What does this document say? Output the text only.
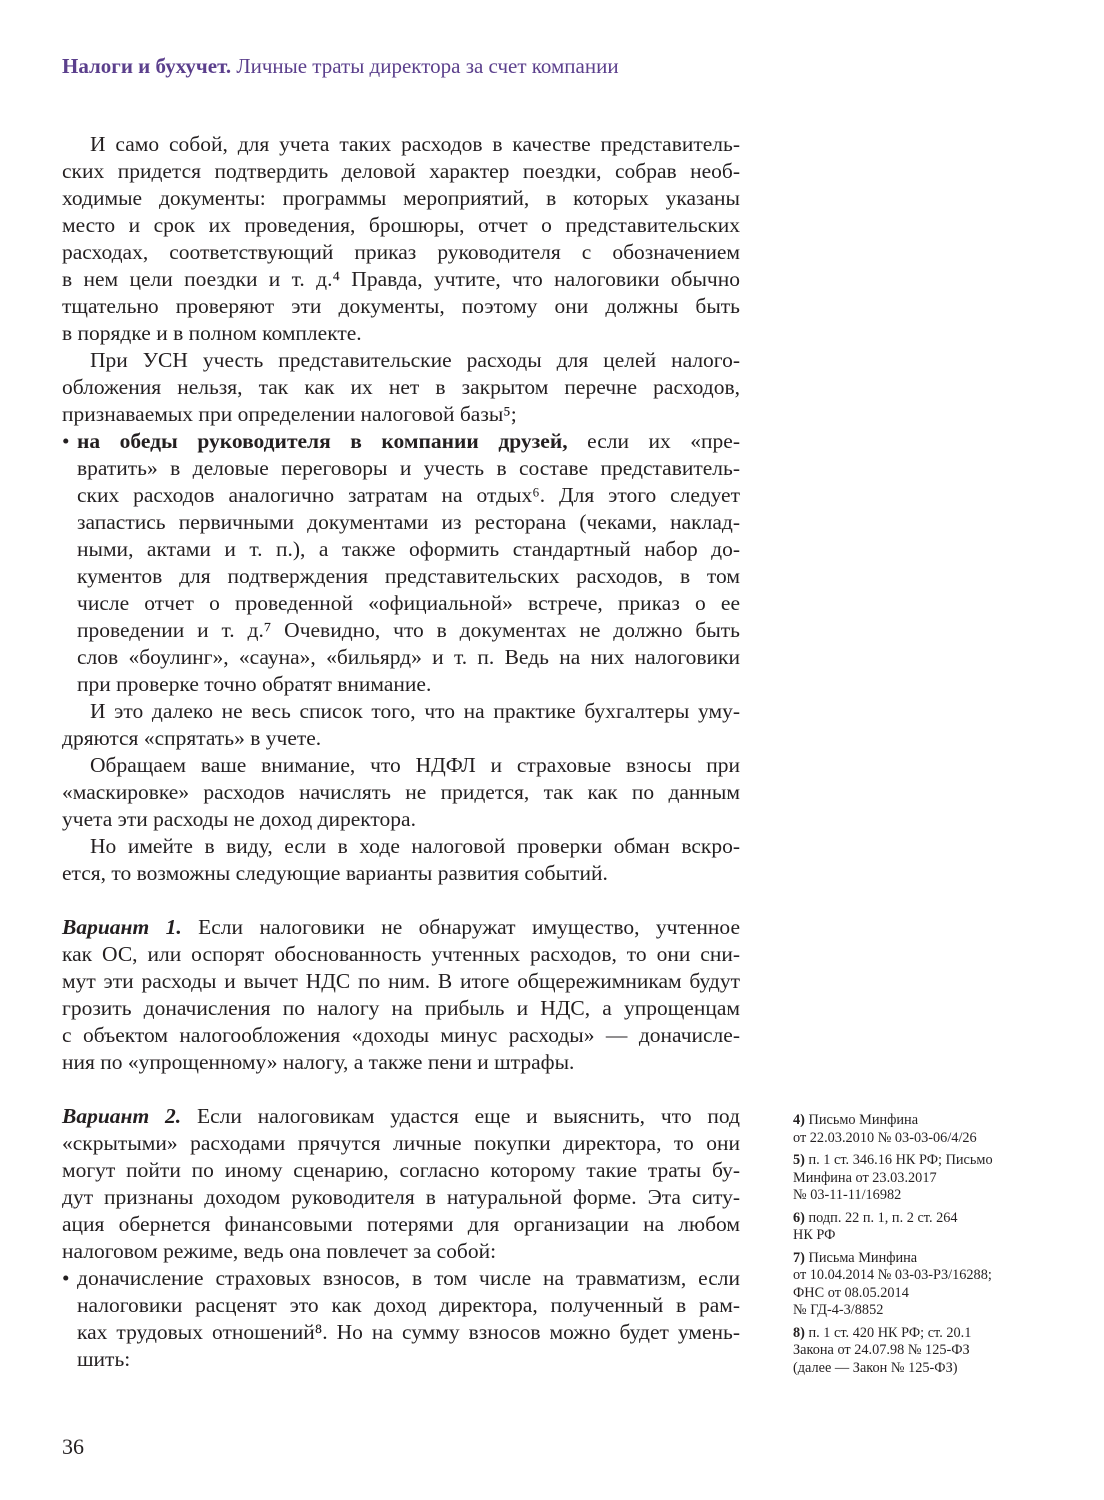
Налоги и бухучет. Личные траты директора за счет компании
И само собой, для учета таких расходов в качестве представитель-
ских придется подтвердить деловой характер поездки, собрав необ-
ходимые документы: программы мероприятий, в которых указаны
место и срок их проведения, брошюры, отчет о представительских
расходах, соответствующий приказ руководителя с обозначением
в нем цели поездки и т. д.⁴ Правда, учтите, что налоговики обычно
тщательно проверяют эти документы, поэтому они должны быть
в порядке и в полном комплекте.
При УСН учесть представительские расходы для целей налого-
обложения нельзя, так как их нет в закрытом перечне расходов,
признаваемых при определении налоговой базы⁵;
• на обеды руководителя в компании друзей, если их «пре-
вратить» в деловые переговоры и учесть в составе представитель-
ских расходов аналогично затратам на отдых⁶. Для этого следует
запастись первичными документами из ресторана (чеками, наклад-
ными, актами и т. п.), а также оформить стандартный набор до-
кументов для подтверждения представительских расходов, в том
числе отчет о проведенной «официальной» встрече, приказ о ее
проведении и т. д.⁷ Очевидно, что в документах не должно быть
слов «боулинг», «сауна», «бильярд» и т. п. Ведь на них налоговики
при проверке точно обратят внимание.
И это далеко не весь список того, что на практике бухгалтеры уму-
дряются «спрятать» в учете.
Обращаем ваше внимание, что НДФЛ и страховые взносы при
«маскировке» расходов начислять не придется, так как по данным
учета эти расходы не доход директора.
Но имейте в виду, если в ходе налоговой проверки обман вскро-
ется, то возможны следующие варианты развития событий.
Вариант 1. Если налоговики не обнаружат имущество, учтенное
как ОС, или оспорят обоснованность учтенных расходов, то они сни-
мут эти расходы и вычет НДС по ним. В итоге общережимникам будут
грозить доначисления по налогу на прибыль и НДС, а упрощенцам
с объектом налогообложения «доходы минус расходы» — доначисле-
ния по «упрощенному» налогу, а также пени и штрафы.
Вариант 2. Если налоговикам удастся еще и выяснить, что под
«скрытыми» расходами прячутся личные покупки директора, то они
могут пойти по иному сценарию, согласно которому такие траты бу-
дут признаны доходом руководителя в натуральной форме. Эта ситу-
ация обернется финансовыми потерями для организации на любом
налоговом режиме, ведь она повлечет за собой:
• доначисление страховых взносов, в том числе на травматизм, если
налоговики расценят это как доход директора, полученный в рам-
ках трудовых отношений⁸. Но на сумму взносов можно будет умень-
шить:
4) Письмо Минфина
от 22.03.2010 № 03-03-06/4/26
5) п. 1 ст. 346.16 НК РФ; Письмо
Минфина от 23.03.2017
№ 03-11-11/16982
6) подп. 22 п. 1, п. 2 ст. 264
НК РФ
7) Письма Минфина
от 10.04.2014 № 03-03-Р3/16288;
ФНС от 08.05.2014
№ ГД-4-3/8852
8) п. 1 ст. 420 НК РФ; ст. 20.1
Закона от 24.07.98 № 125-ФЗ
(далее — Закон № 125-ФЗ)
36
